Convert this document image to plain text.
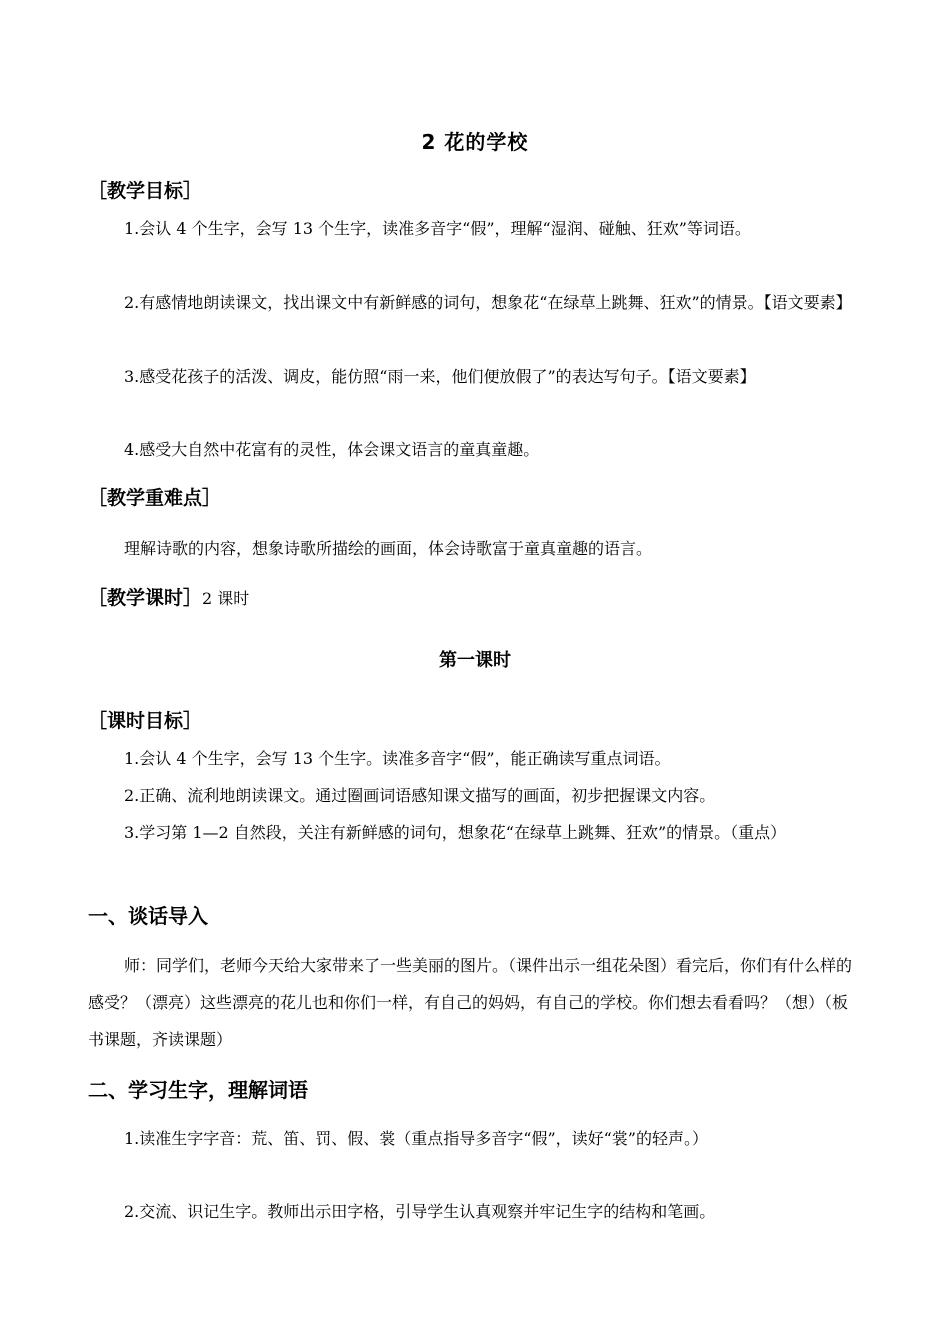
2 花的学校
［教学目标］
1.会认 4 个生字，会写 13 个生字，读准多音字“假”，理解“湿润、碰触、狂欢”等词语。
2.有感情地朗读课文，找出课文中有新鲜感的词句，想象花“在绿草上跳舞、狂欢”的情景。【语文要素】
3.感受花孩子的活泼、调皮，能仿照“雨一来，他们便放假了”的表达写句子。【语文要素】
4.感受大自然中花富有的灵性，体会课文语言的童真童趣。
［教学重难点］
理解诗歌的内容，想象诗歌所描绘的画面，体会诗歌富于童真童趣的语言。
［教学课时］2 课时
第一课时
［课时目标］
1.会认 4 个生字，会写 13 个生字。读准多音字“假”，能正确读写重点词语。
2.正确、流利地朗读课文。通过圈画词语感知课文描写的画面，初步把握课文内容。
3.学习第 1—2 自然段，关注有新鲜感的词句，想象花“在绿草上跳舞、狂欢”的情景。（重点）
一、谈话导入
师：同学们，老师今天给大家带来了一些美丽的图片。（课件出示一组花朵图）看完后，你们有什么样的感受？（漂亮）这些漂亮的花儿也和你们一样，有自己的妈妈，有自己的学校。你们想去看看吗？（想）（板书课题，齐读课题）
二、学习生字，理解词语
1.读准生字字音：荒、笛、罚、假、裳（重点指导多音字“假”，读好“裳”的轻声。）
2.交流、识记生字。教师出示田字格，引导学生认真观察并牢记生字的结构和笔画。
